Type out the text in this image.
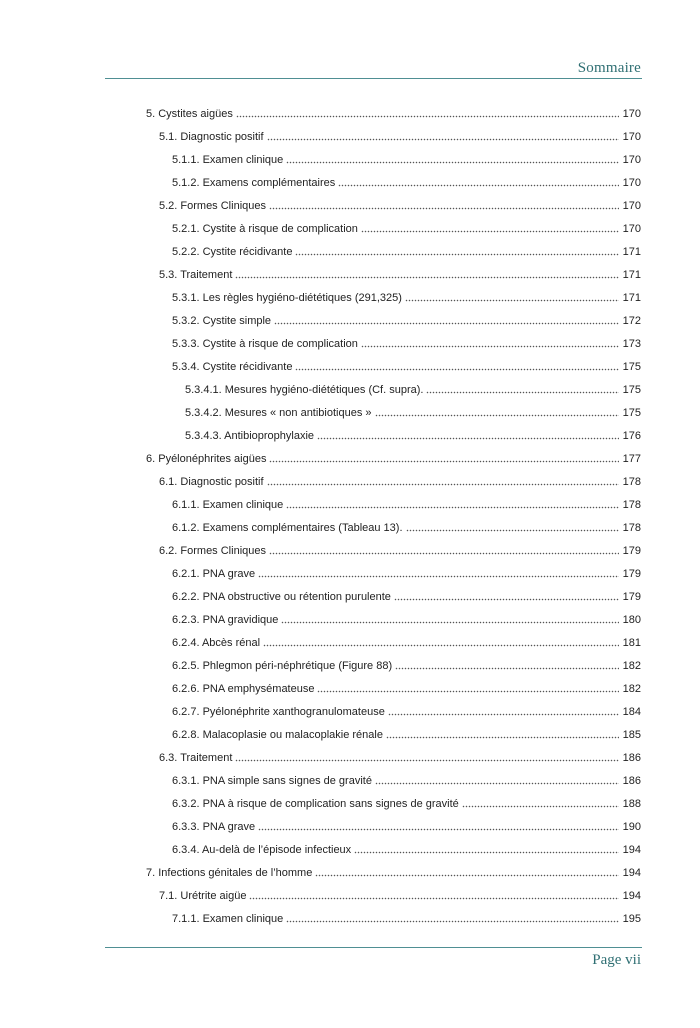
Sommaire
5. Cystites aigües	170
5.1. Diagnostic positif	170
5.1.1. Examen clinique	170
5.1.2. Examens complémentaires	170
5.2. Formes Cliniques	170
5.2.1. Cystite à risque de complication	170
5.2.2. Cystite récidivante	171
5.3. Traitement	171
5.3.1. Les règles hygiéno-diététiques (291,325)	171
5.3.2. Cystite simple	172
5.3.3. Cystite à risque de complication	173
5.3.4. Cystite récidivante	175
5.3.4.1. Mesures hygiéno-diététiques (Cf. supra).	175
5.3.4.2. Mesures « non antibiotiques »	175
5.3.4.3. Antibioprophylaxie	176
6. Pyélonéphrites aigües	177
6.1. Diagnostic positif	178
6.1.1. Examen clinique	178
6.1.2. Examens complémentaires (Tableau 13).	178
6.2. Formes Cliniques	179
6.2.1. PNA grave	179
6.2.2. PNA obstructive ou rétention purulente	179
6.2.3. PNA gravidique	180
6.2.4. Abcès rénal	181
6.2.5. Phlegmon péri-néphrétique (Figure 88)	182
6.2.6. PNA emphysémateuse	182
6.2.7. Pyélonéphrite xanthogranulomateuse	184
6.2.8. Malacoplasie ou malacoplakie rénale	185
6.3. Traitement	186
6.3.1. PNA simple sans signes de gravité	186
6.3.2. PNA à risque de complication sans signes de gravité	188
6.3.3. PNA grave	190
6.3.4. Au-delà de l’épisode infectieux	194
7. Infections génitales de l’homme	194
7.1. Urétrite aigüe	194
7.1.1. Examen clinique	195
Page vii
